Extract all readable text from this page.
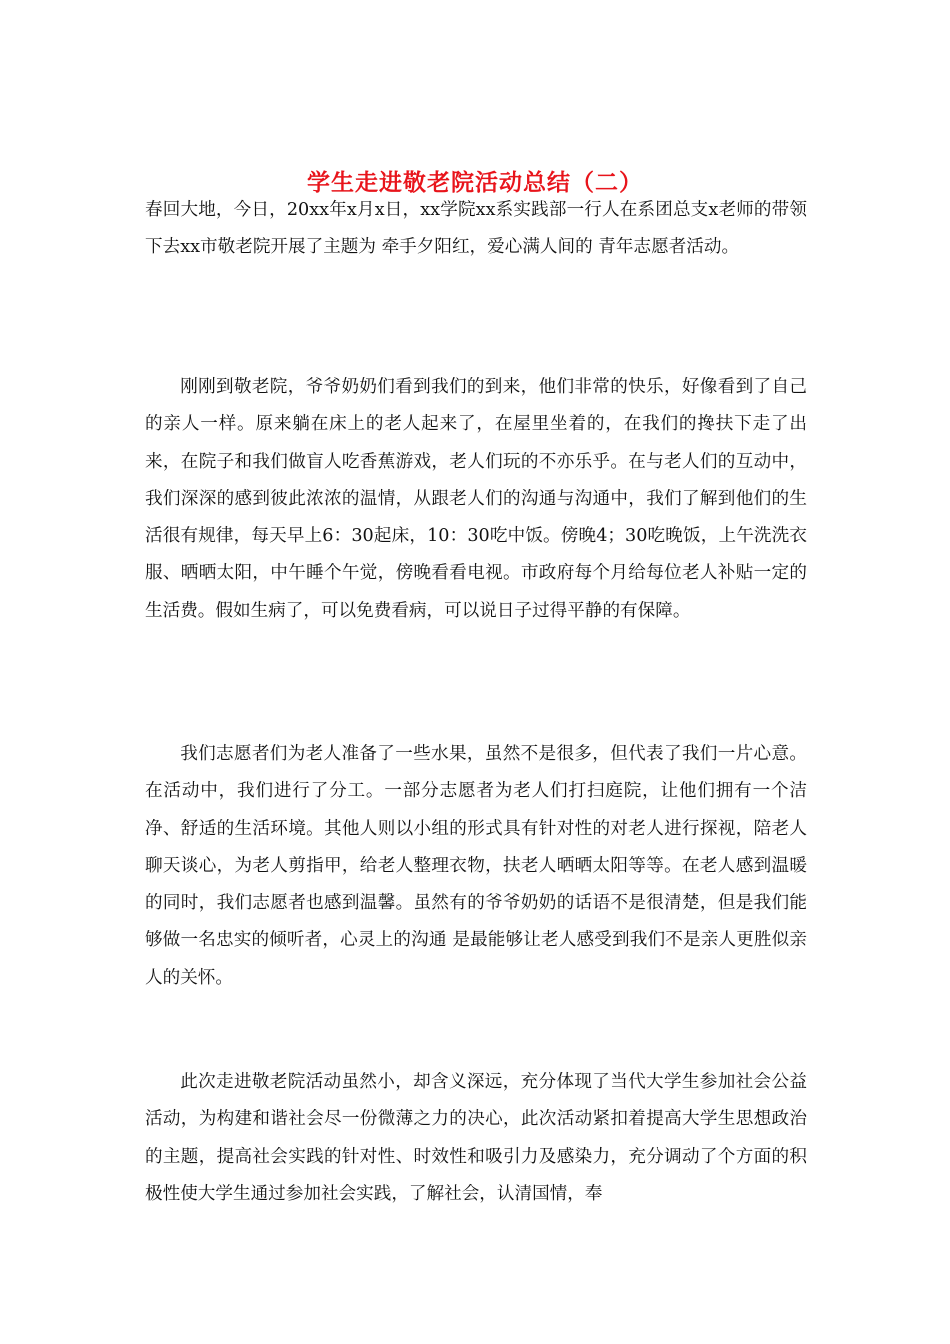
学生走进敬老院活动总结（二）

春回大地，今日，20xx年x月x日，xx学院xx系实践部一行人在系团总支x老师的带领下去xx市敬老院开展了主题为 牵手夕阳红，爱心满人间的 青年志愿者活动。

刚刚到敬老院，爷爷奶奶们看到我们的到来，他们非常的快乐，好像看到了自己的亲人一样。原来躺在床上的老人起来了，在屋里坐着的，在我们的搀扶下走了出来，在院子和我们做盲人吃香蕉游戏，老人们玩的不亦乐乎。在与老人们的互动中，我们深深的感到彼此浓浓的温情，从跟老人们的沟通与沟通中，我们了解到他们的生活很有规律，每天早上6：30起床，10：30吃中饭。傍晚4；30吃晚饭，上午洗洗衣服、晒晒太阳，中午睡个午觉，傍晚看看电视。市政府每个月给每位老人补贴一定的生活费。假如生病了，可以免费看病，可以说日子过得平静的有保障。

我们志愿者们为老人准备了一些水果，虽然不是很多，但代表了我们一片心意。在活动中，我们进行了分工。一部分志愿者为老人们打扫庭院，让他们拥有一个洁净、舒适的生活环境。其他人则以小组的形式具有针对性的对老人进行探视，陪老人聊天谈心，为老人剪指甲，给老人整理衣物，扶老人晒晒太阳等等。在老人感到温暖的同时，我们志愿者也感到温馨。虽然有的爷爷奶奶的话语不是很清楚，但是我们能够做一名忠实的倾听者，心灵上的沟通 是最能够让老人感受到我们不是亲人更胜似亲人的关怀。

此次走进敬老院活动虽然小，却含义深远，充分体现了当代大学生参加社会公益活动，为构建和谐社会尽一份微薄之力的决心，此次活动紧扣着提高大学生思想政治的主题，提高社会实践的针对性、时效性和吸引力及感染力，充分调动了个方面的积极性使大学生通过参加社会实践，了解社会，认清国情，奉
